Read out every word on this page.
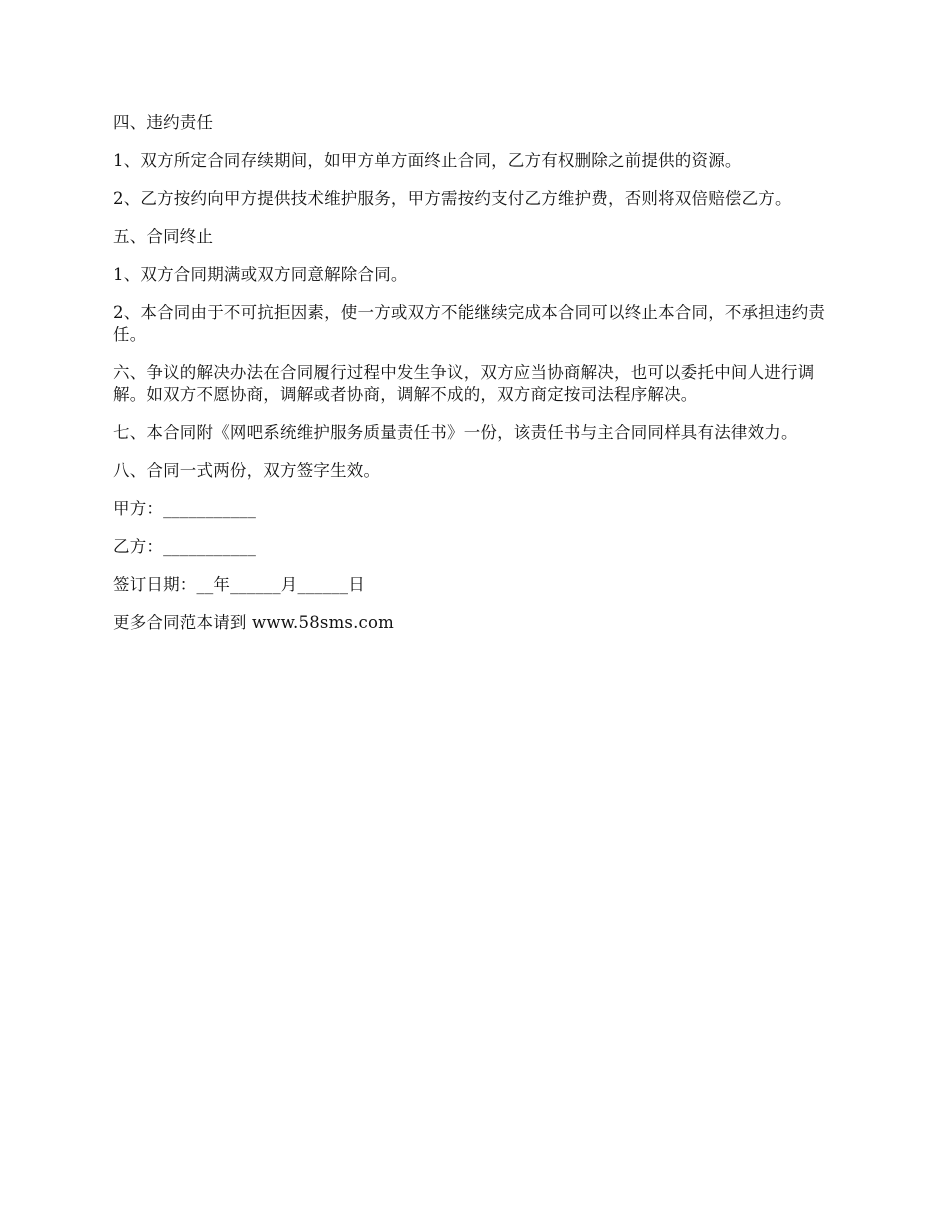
四、违约责任

1、双方所定合同存续期间，如甲方单方面终止合同，乙方有权删除之前提供的资源。

2、乙方按约向甲方提供技术维护服务，甲方需按约支付乙方维护费，否则将双倍赔偿乙方。

五、合同终止

1、双方合同期满或双方同意解除合同。

2、本合同由于不可抗拒因素，使一方或双方不能继续完成本合同可以终止本合同，不承担违约责任。

六、争议的解决办法在合同履行过程中发生争议，双方应当协商解决，也可以委托中间人进行调解。如双方不愿协商，调解或者协商，调解不成的，双方商定按司法程序解决。

七、本合同附《网吧系统维护服务质量责任书》一份，该责任书与主合同同样具有法律效力。

八、合同一式两份，双方签字生效。

甲方：___________

乙方：___________

签订日期：__年______月______日

更多合同范本请到 www.58sms.com
